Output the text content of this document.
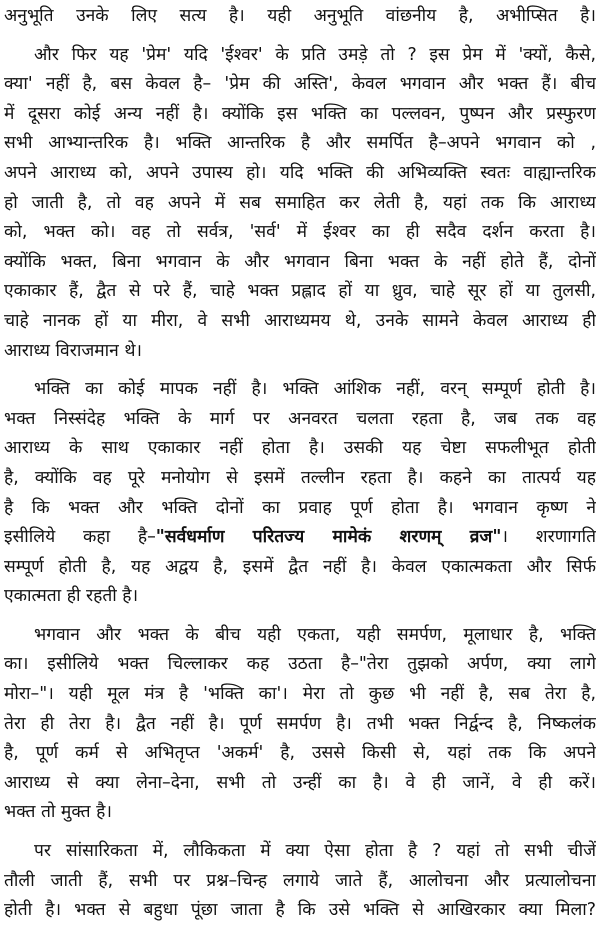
अनुभूति उनके लिए सत्य है। यही अनुभूति वांछनीय है, अभीप्सित है।
और फिर यह 'प्रेम' यदि 'ईश्वर' के प्रति उमड़े तो ? इस प्रेम में 'क्यों, कैसे,
क्या' नहीं है, बस केवल है– 'प्रेम की अस्ति', केवल भगवान और भक्त हैं। बीच
में दूसरा कोई अन्य नहीं है। क्योंकि इस भक्ति का पल्लवन, पुष्पन और प्रस्फुरण
सभी आभ्यान्तरिक है। भक्ति आन्तरिक है और समर्पित है–अपने भगवान को ,
अपने आराध्य को, अपने उपास्य हो। यदि भक्ति की अभिव्यक्ति स्वतः वाह्यान्तरिक
हो जाती है, तो वह अपने में सब समाहित कर लेती है, यहां तक कि आराध्य
को, भक्त को। वह तो सर्वत्र, 'सर्व' में ईश्वर का ही सदैव दर्शन करता है।
क्योंकि भक्त, बिना भगवान के और भगवान बिना भक्त के नहीं होते हैं, दोनों
एकाकार हैं, द्वैत से परे हैं, चाहे भक्त प्रह्लाद हों या ध्रुव, चाहे सूर हों या तुलसी,
चाहे नानक हों या मीरा, वे सभी आराध्यमय थे, उनके सामने केवल आराध्य ही
आराध्य विराजमान थे।
भक्ति का कोई मापक नहीं है। भक्ति आंशिक नहीं, वरन् सम्पूर्ण होती है।
भक्त निस्संदेह भक्ति के मार्ग पर अनवरत चलता रहता है, जब तक वह
आराध्य के साथ एकाकार नहीं होता है। उसकी यह चेष्टा सफलीभूत होती
है, क्योंकि वह पूरे मनोयोग से इसमें तल्लीन रहता है। कहने का तात्पर्य यह
है कि भक्त और भक्ति दोनों का प्रवाह पूर्ण होता है। भगवान कृष्ण ने
इसीलिये कहा है–"सर्वधर्माण परितज्य मामेकं शरणम् व्रज"। शरणागति
सम्पूर्ण होती है, यह अद्वय है, इसमें द्वैत नहीं है। केवल एकात्मकता और सिर्फ
एकात्मता ही रहती है।
भगवान और भक्त के बीच यही एकता, यही समर्पण, मूलाधार है, भक्ति
का। इसीलिये भक्त चिल्लाकर कह उठता है–"तेरा तुझको अर्पण, क्या लागे
मोरा–"। यही मूल मंत्र है 'भक्ति का'। मेरा तो कुछ भी नहीं है, सब तेरा है,
तेरा ही तेरा है। द्वैत नहीं है। पूर्ण समर्पण है। तभी भक्त निर्द्वन्द है, निष्कलंक
है, पूर्ण कर्म से अभितृप्त 'अकर्म' है, उससे किसी से, यहां तक कि अपने
आराध्य से क्या लेना–देना, सभी तो उन्हीं का है। वे ही जानें, वे ही करें।
भक्त तो मुक्त है।
पर सांसारिकता में, लौकिकता में क्या ऐसा होता है ? यहां तो सभी चीजें
तौली जाती हैं, सभी पर प्रश्न–चिन्ह लगाये जाते हैं, आलोचना और प्रत्यालोचना
होती है। भक्त से बहुधा पूंछा जाता है कि उसे भक्ति से आखिरकार क्या मिला?
